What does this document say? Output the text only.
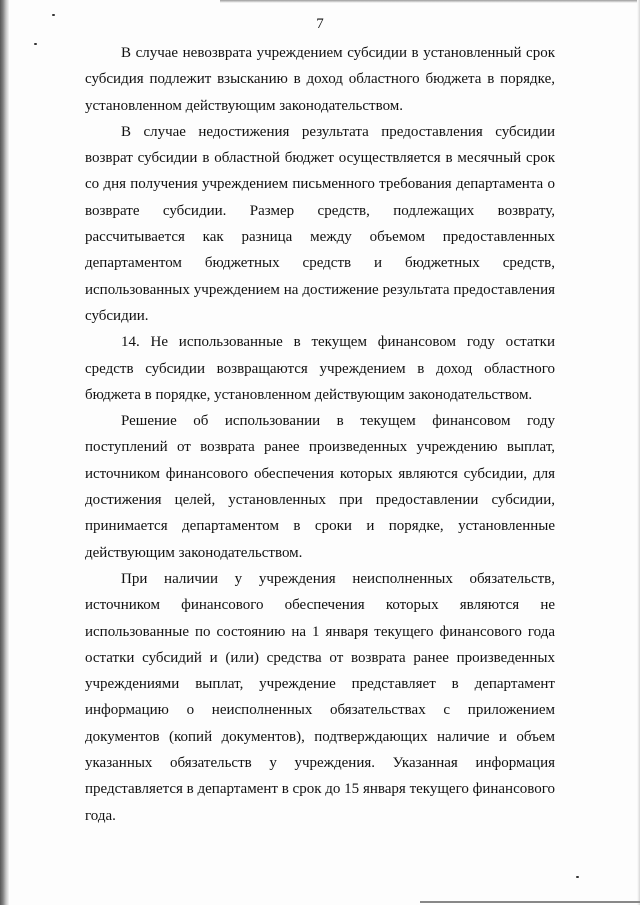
7

В случае невозврата учреждением субсидии в установленный срок субсидия подлежит взысканию в доход областного бюджета в порядке, установленном действующим законодательством.

В случае недостижения результата предоставления субсидии возврат субсидии в областной бюджет осуществляется в месячный срок со дня получения учреждением письменного требования департамента о возврате субсидии. Размер средств, подлежащих возврату, рассчитывается как разница между объемом предоставленных департаментом бюджетных средств и бюджетных средств, использованных учреждением на достижение результата предоставления субсидии.

14. Не использованные в текущем финансовом году остатки средств субсидии возвращаются учреждением в доход областного бюджета в порядке, установленном действующим законодательством.

Решение об использовании в текущем финансовом году поступлений от возврата ранее произведенных учреждению выплат, источником финансового обеспечения которых являются субсидии, для достижения целей, установленных при предоставлении субсидии, принимается департаментом в сроки и порядке, установленные действующим законодательством.

При наличии у учреждения неисполненных обязательств, источником финансового обеспечения которых являются не использованные по состоянию на 1 января текущего финансового года остатки субсидий и (или) средства от возврата ранее произведенных учреждениями выплат, учреждение представляет в департамент информацию о неисполненных обязательствах с приложением документов (копий документов), подтверждающих наличие и объем указанных обязательств у учреждения. Указанная информация представляется в департамент в срок до 15 января текущего финансового года.
